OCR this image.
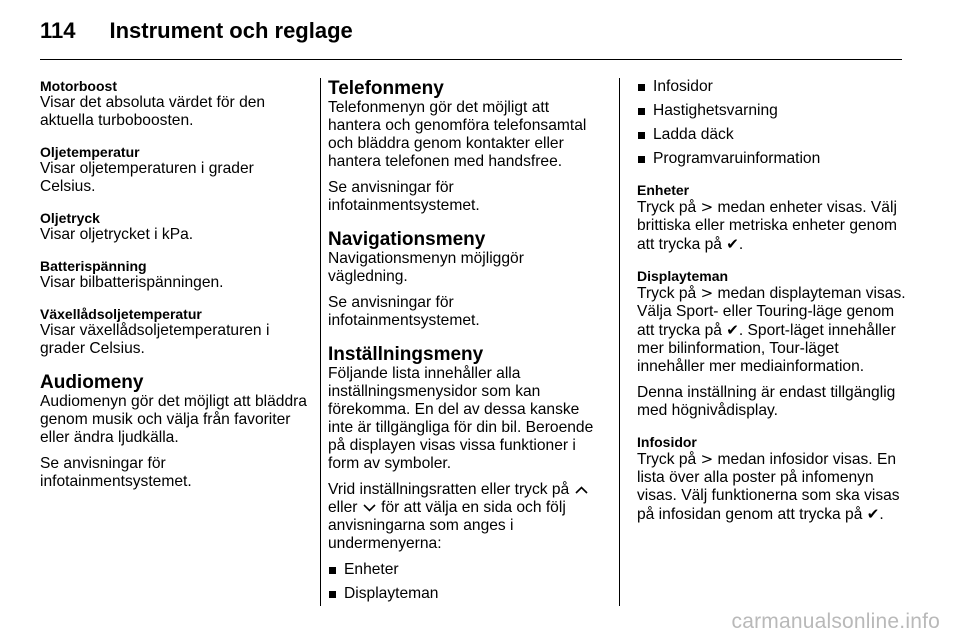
114 Instrument och reglage

Motorboost

Visar det absoluta värdet för den aktuella turboboosten.

Oljetemperatur

Visar oljetemperaturen i grader Celsius.

Oljetryck

Visar oljetrycket i kPa.

Batterispänning

Visar bilbatterispänningen.

Växellådsoljetemperatur

Visar växellådsoljetemperaturen i grader Celsius.

Audiomeny

Audiomenyn gör det möjligt att bläddra genom musik och välja från favoriter eller ändra ljudkälla.

Se anvisningar för infotainmentsystemet.

Telefonmeny

Telefonmenyn gör det möjligt att hantera och genomföra telefonsamtal och bläddra genom kontakter eller hantera telefonen med handsfree.

Se anvisningar för infotainmentsystemet.

Navigationsmeny

Navigationsmenyn möjliggör vägledning.

Se anvisningar för infotainmentsystemet.

Inställningsmeny

Följande lista innehåller alla inställningsmenysidor som kan förekomma. En del av dessa kanske inte är tillgängliga för din bil. Beroende på displayen visas vissa funktioner i form av symboler.

Vrid inställningsratten eller tryck på  eller för att välja en sida och följ anvisningarna som anges i undermenyerna:

Enheter
Displayteman
Infosidor
Hastighetsvarning
Ladda däck
Programvaruinformation

Enheter

Tryck på > medan enheter visas. Välj brittiska eller metriska enheter genom att trycka på ✔.

Displayteman

Tryck på > medan displayteman visas. Välja Sport- eller Touring-läge genom att trycka på ✔. Sport-läget innehåller mer bilinformation, Tour-läget innehåller mer mediainformation.

Denna inställning är endast tillgänglig med högnivådisplay.

Infosidor

Tryck på > medan infosidor visas. En lista över alla poster på infomenyn visas. Välj funktionerna som ska visas på infosidan genom att trycka på ✔.

carmanualsonline.info
